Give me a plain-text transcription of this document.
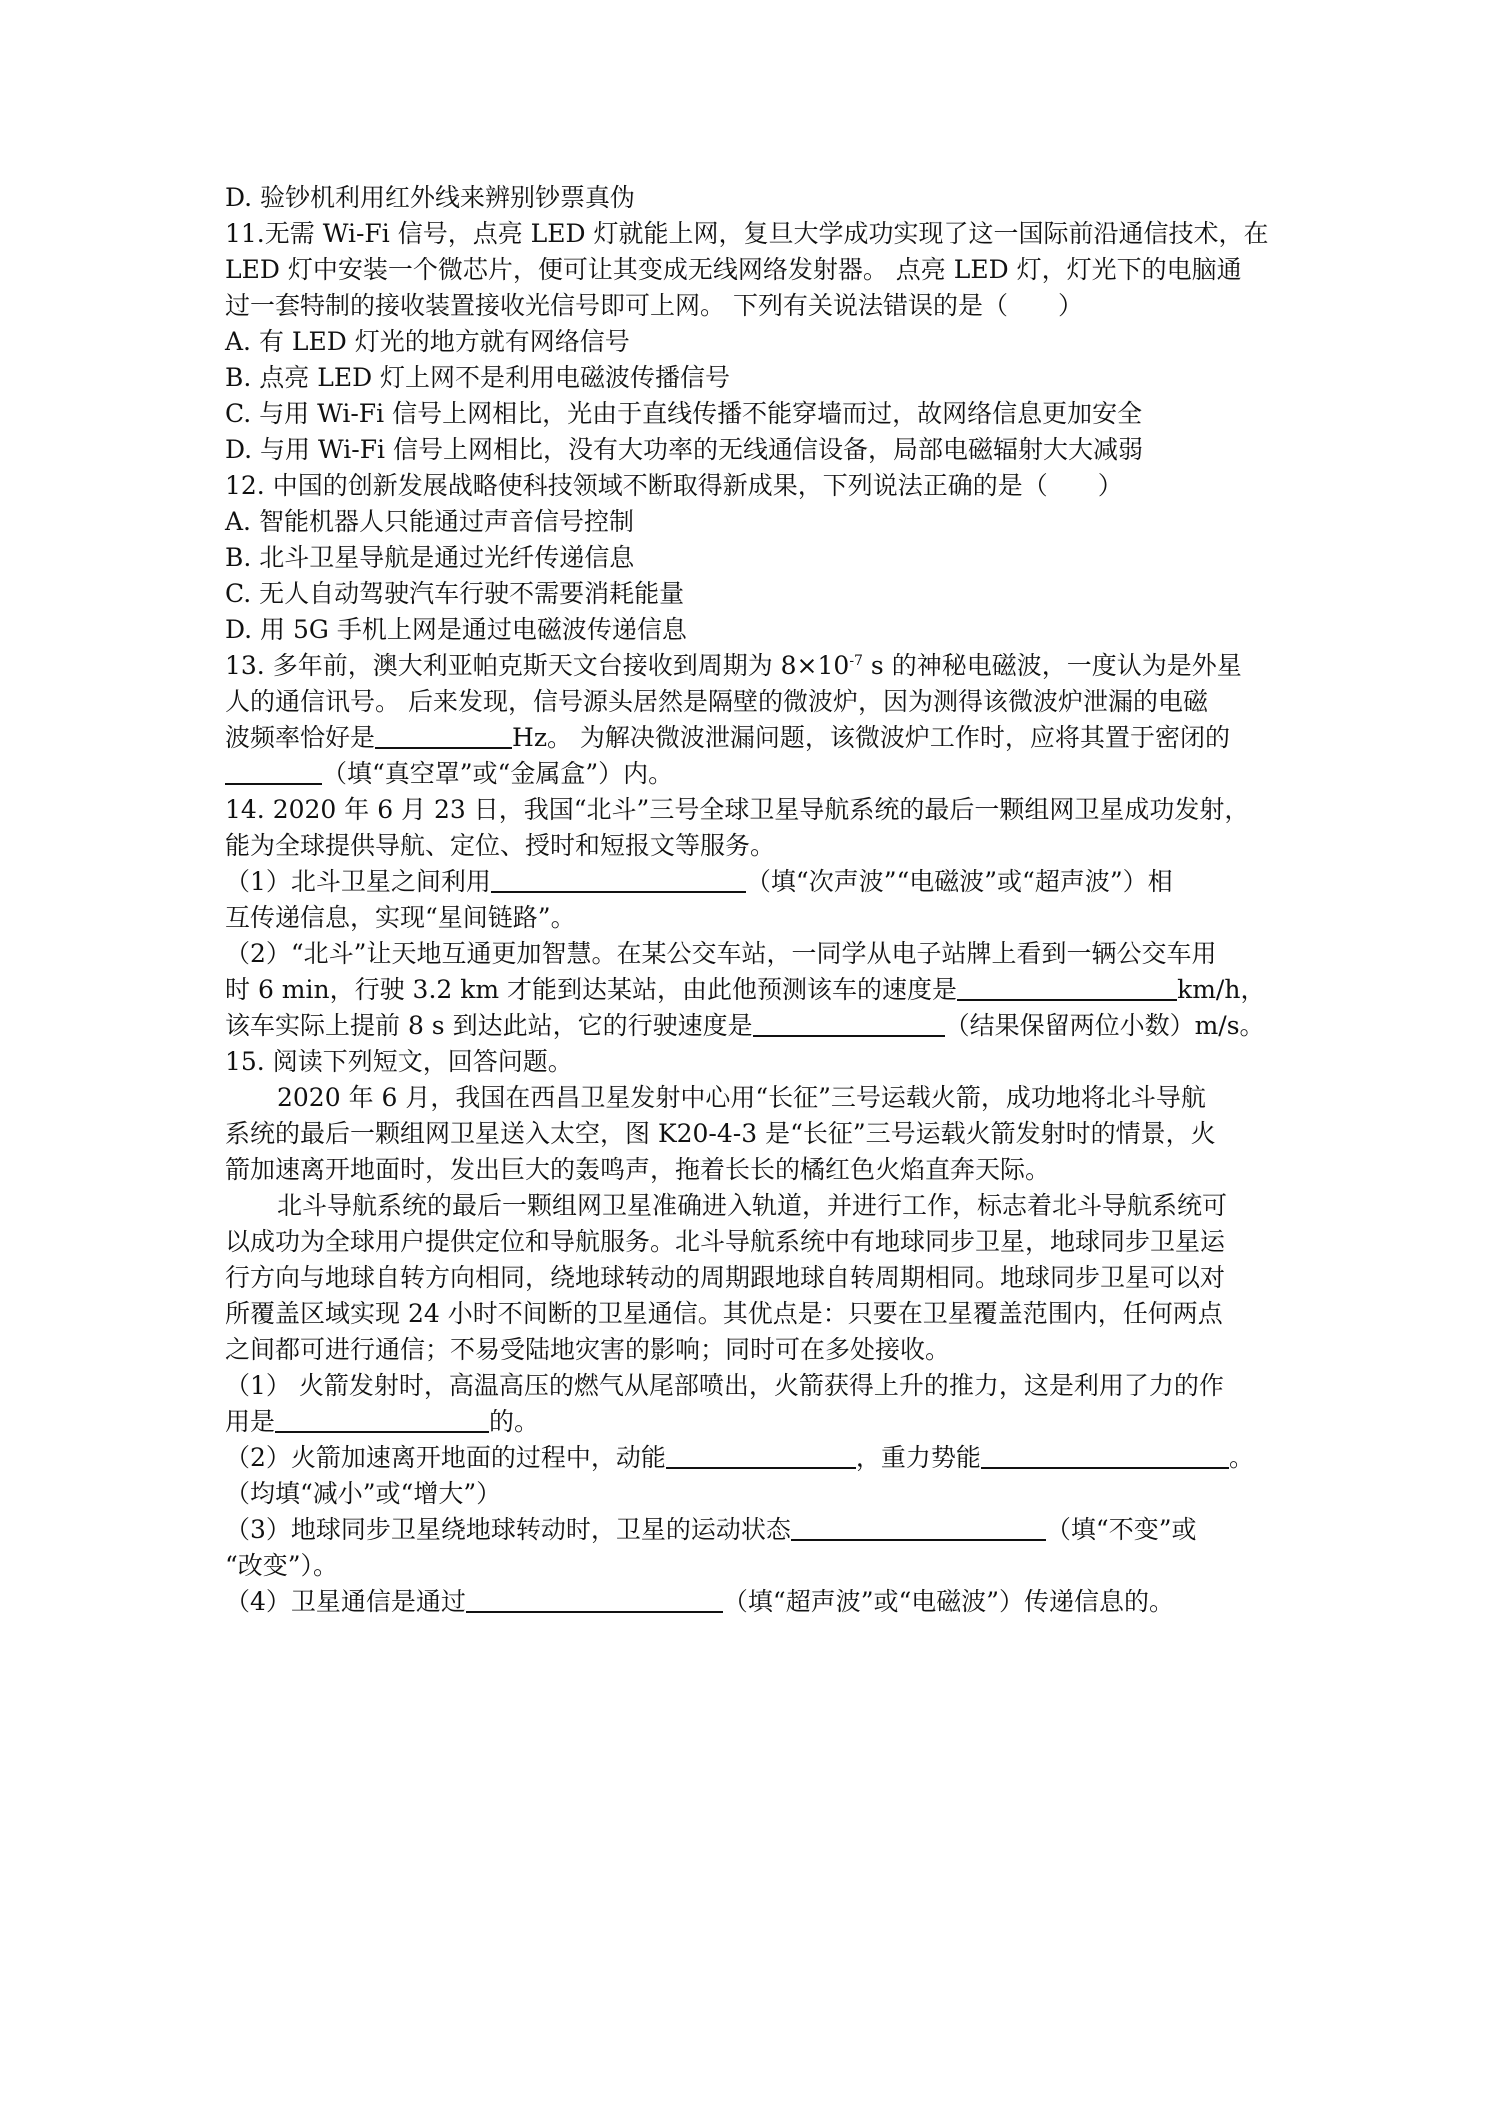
D. 验钞机利用红外线来辨别钞票真伪
11.无需 Wi-Fi 信号，点亮 LED 灯就能上网，复旦大学成功实现了这一国际前沿通信技术，在
LED 灯中安装一个微芯片，便可让其变成无线网络发射器。 点亮 LED 灯，灯光下的电脑通
过一套特制的接收装置接收光信号即可上网。 下列有关说法错误的是（　　）
A. 有 LED 灯光的地方就有网络信号
B. 点亮 LED 灯上网不是利用电磁波传播信号
C. 与用 Wi-Fi 信号上网相比，光由于直线传播不能穿墙而过，故网络信息更加安全
D. 与用 Wi-Fi 信号上网相比，没有大功率的无线通信设备，局部电磁辐射大大减弱
12. 中国的创新发展战略使科技领域不断取得新成果，下列说法正确的是（　　）
A. 智能机器人只能通过声音信号控制
B. 北斗卫星导航是通过光纤传递信息
C. 无人自动驾驶汽车行驶不需要消耗能量
D. 用 5G 手机上网是通过电磁波传递信息
13. 多年前，澳大利亚帕克斯天文台接收到周期为 $8\times 10^{-7}$ s 的神秘电磁波，一度认为是外星
人的通信讯号。 后来发现，信号源头居然是隔壁的微波炉，因为测得该微波炉泄漏的电磁
波频率恰好是	Hz。 为解决微波泄漏问题，该微波炉工作时，应将其置于密闭的
（填“真空罩”或“金属盒”）内。
14. 2020 年 6 月 23 日，我国“北斗”三号全球卫星导航系统的最后一颗组网卫星成功发射，
能为全球提供导航、定位、授时和短报文等服务。
（1）北斗卫星之间利用	（填“次声波”“电磁波”或“超声波”）相
互传递信息，实现“星间链路”。
（2）“北斗”让天地互通更加智慧。在某公交车站，一同学从电子站牌上看到一辆公交车用
时 6 min，行驶 3.2 km 才能到达某站，由此他预测该车的速度是	km/h，
该车实际上提前 8 s 到达此站，它的行驶速度是	（结果保留两位小数）m/s。
15. 阅读下列短文，回答问题。
2020 年 6 月，我国在西昌卫星发射中心用“长征”三号运载火箭，成功地将北斗导航
系统的最后一颗组网卫星送入太空，图 K20-4-3 是“长征”三号运载火箭发射时的情景，火
箭加速离开地面时，发出巨大的轰鸣声，拖着长长的橘红色火焰直奔天际。
北斗导航系统的最后一颗组网卫星准确进入轨道，并进行工作，标志着北斗导航系统可
以成功为全球用户提供定位和导航服务。北斗导航系统中有地球同步卫星，地球同步卫星运
行方向与地球自转方向相同，绕地球转动的周期跟地球自转周期相同。地球同步卫星可以对
所覆盖区域实现 24 小时不间断的卫星通信。其优点是：只要在卫星覆盖范围内，任何两点
之间都可进行通信；不易受陆地灾害的影响；同时可在多处接收。
（1） 火箭发射时，高温高压的燃气从尾部喷出，火箭获得上升的推力，这是利用了力的作
用是	的。
（2）火箭加速离开地面的过程中，动能	，重力势能	。
（均填“减小”或“增大”）
（3）地球同步卫星绕地球转动时，卫星的运动状态	（填“不变”或
“改变”）。
（4）卫星通信是通过	（填“超声波”或“电磁波”）传递信息的。
